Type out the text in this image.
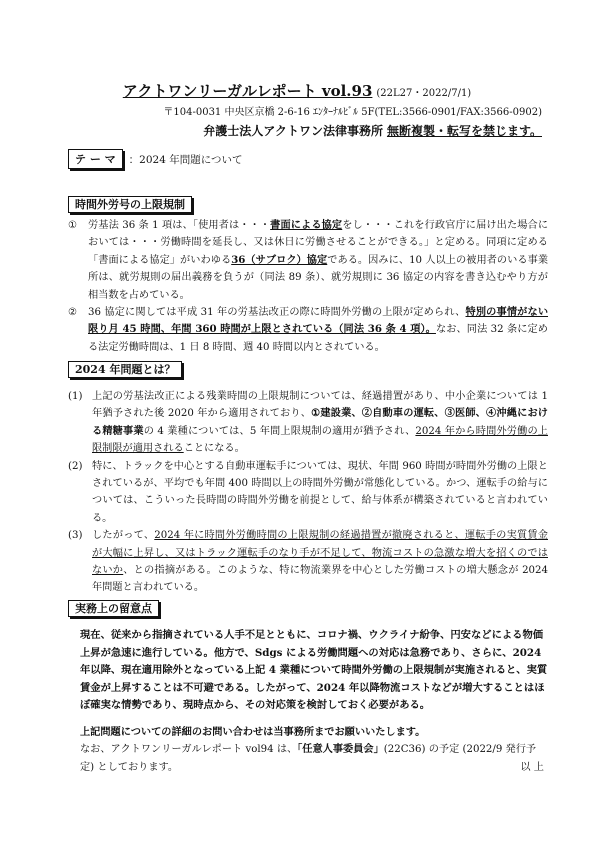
アクトワンリーガルレポート vol.93 (22L27・2022/7/1)
〒104-0031 中央区京橋 2-6-16 ｴﾝﾀｰﾅﾙﾋﾞﾙ 5F(TEL:3566-0901/FAX:3566-0902)
弁護士法人アクトワン法律事務所 無断複製・転写を禁じます。
テ ー マ	：2024 年問題について
時間外労号の上限規制
①	労基法 36 条 1 項は、「使用者は・・・書面による協定をし・・・これを行政官庁に届け出た場合においては・・・労働時間を延長し、又は休日に労働させることができる。」と定める。同項に定める「書面による協定」がいわゆる36（サブロク）協定である。因みに、10 人以上の被用者のいる事業所は、就労規則の届出義務を負うが（同法 89 条）、就労規則に 36 協定の内容を書き込むやり方が相当数を占めている。
②	36 協定に関しては平成 31 年の労基法改正の際に時間外労働の上限が定められ、特別の事情がない限り月 45 時間、年間 360 時間が上限とされている（同法 36 条 4 項）。なお、同法 32 条に定める法定労働時間は、1 日 8 時間、週 40 時間以内とされている。
2024 年問題とは？
(1) 上記の労基法改正による残業時間の上限規制については、経過措置があり、中小企業については 1 年猶予された後 2020 年から適用されており、①建設業、②自動車の運転、③医師、④沖縄における精糖事業の 4 業種については、5 年間上限規制の適用が猶予され、2024 年から時間外労働の上限制限が適用されることになる。
(2) 特に、トラックを中心とする自動車運転手については、現状、年間 960 時間が時間外労働の上限とされているが、平均でも年間 400 時間以上の時間外労働が常態化している。かつ、運転手の給与については、こういった長時間の時間外労働を前提として、給与体系が構築されていると言われている。
(3) したがって、2024 年に時間外労働時間の上限規制の経過措置が撤廃されると、運転手の実質賃金が大幅に上昇し、又はトラック運転手のなり手が不足して、物流コストの急激な増大を招くのではないか、との指摘がある。このような、特に物流業界を中心とした労働コストの増大懸念が 2024 年問題と言われている。
実務上の留意点
現在、従来から指摘されている人手不足とともに、コロナ禍、ウクライナ紛争、円安などによる物価上昇が急速に進行している。他方で、Sdgs による労働問題への対応は急務であり、さらに、2024 年以降、現在適用除外となっている上記 4 業種について時間外労働の上限規制が実施されると、実質賃金が上昇することは不可避である。したがって、2024 年以降物流コストなどが増大することはほぼ確実な情勢であり、現時点から、その対応策を検討しておく必要がある。
上記問題についての詳細のお問い合わせは当事務所までお願いいたします。
なお、アクトワンリーガルレポート vol94 は、「任意人事委員会」(22C36) の予定 (2022/9 発行予定) としております。	以 上
